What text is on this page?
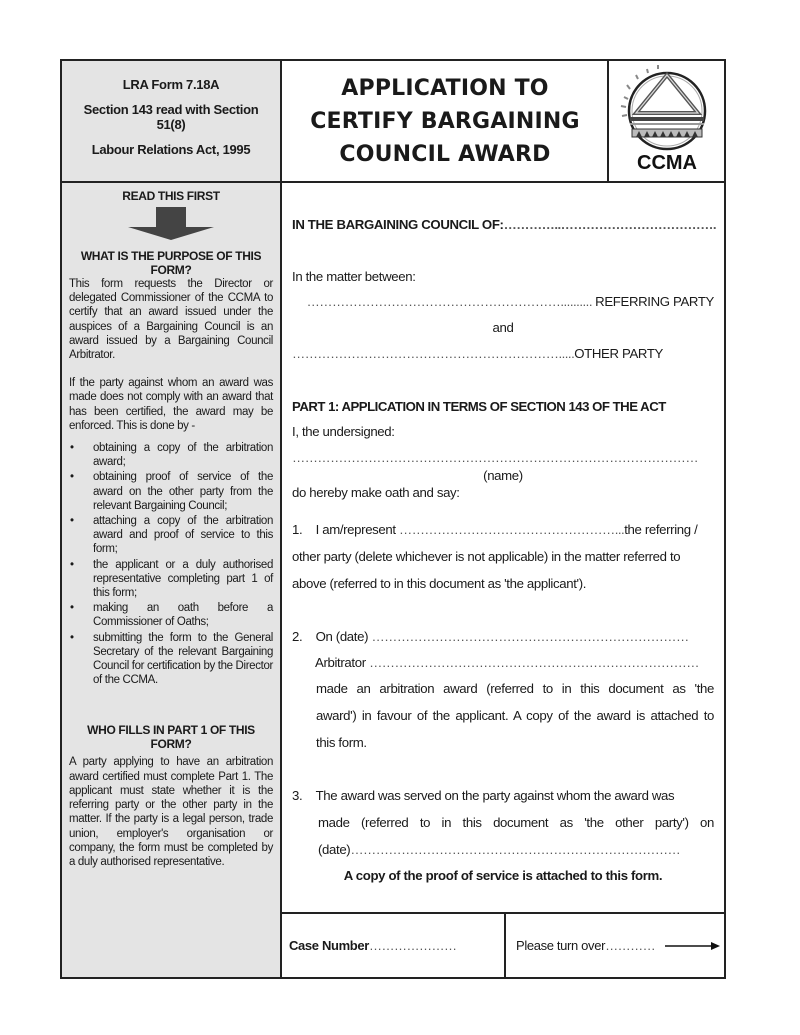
LRA Form 7.18A
Section 143 read with Section
51(8)
Labour Relations Act, 1995
APPLICATION TO
CERTIFY BARGAINING
COUNCIL AWARD	CCMA
READ THIS FIRST
WHAT IS THE PURPOSE OF THIS
FORM?
This form requests the Director or delegated Commissioner of the CCMA to certify that an award issued under the auspices of a Bargaining Council is an award issued by a Bargaining Council Arbitrator.
If the party against whom an award was made does not comply with an award that has been certified, the award may be enforced. This is done by -
• obtaining a copy of the arbitration award;
• obtaining proof of service of the award on the other party from the relevant Bargaining Council;
• attaching a copy of the arbitration award and proof of service to this form;
• the applicant or a duly authorised representative completing part 1 of this form;
• making an oath before a Commissioner of Oaths;
• submitting the form to the General Secretary of the relevant Bargaining Council for certification by the Director of the CCMA.
WHO FILLS IN PART 1 OF THIS
FORM?
A party applying to have an arbitration award certified must complete Part 1. The applicant must state whether it is the referring party or the other party in the matter. If the party is a legal person, trade union, employer's organisation or company, the form must be completed by a duly authorised representative.
IN THE BARGAINING COUNCIL OF:…………..……………………………….
In the matter between:
…………………………………………………….......... REFERRING PARTY
and
……………………………………………………….....OTHER PARTY
PART 1: APPLICATION IN TERMS OF SECTION 143 OF THE ACT
I, the undersigned:
……………………………………………………………………………………
(name)
do hereby make oath and say:
1. I am/represent ……………………………………………...the referring /
other party (delete whichever is not applicable) in the matter referred to
above (referred to in this document as 'the applicant').
2. On (date) …………………………………………………………………
Arbitrator ……………………………………………………………………
made an arbitration award (referred to in this document as 'the
award') in favour of the applicant. A copy of the award is attached to
this form.
3. The award was served on the party against whom the award was
made (referred to in this document as 'the other party') on
(date)……………………………………………………………………
A copy of the proof of service is attached to this form.
Case Number …………………	Please turn over …………
